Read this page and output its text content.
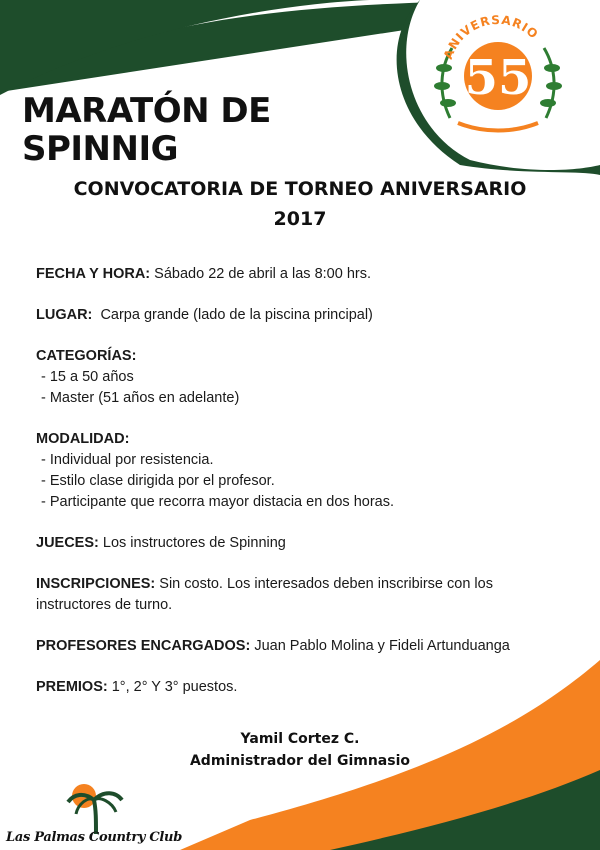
ANIVERSARIO
55
MARATÓN DE
SPINNIG
CONVOCATORIA DE TORNEO ANIVERSARIO
2017

FECHA Y HORA: Sábado 22 de abril a las 8:00 hrs.

LUGAR:  Carpa grande (lado de la piscina principal)

CATEGORÍAS:
- 15 a 50 años
- Master (51 años en adelante)
MODALIDAD:
- Individual por resistencia.
- Estilo clase dirigida por el profesor.
- Participante que recorra mayor distacia en dos horas.

JUECES: Los instructores de Spinning

INSCRIPCIONES: Sin costo. Los interesados deben inscribirse con los instructores de turno.

PROFESORES ENCARGADOS: Juan Pablo Molina y Fideli Artunduanga

PREMIOS: 1°, 2° Y 3° puestos.

Yamil Cortez C.
Administrador del Gimnasio
Las Palmas Country Club
